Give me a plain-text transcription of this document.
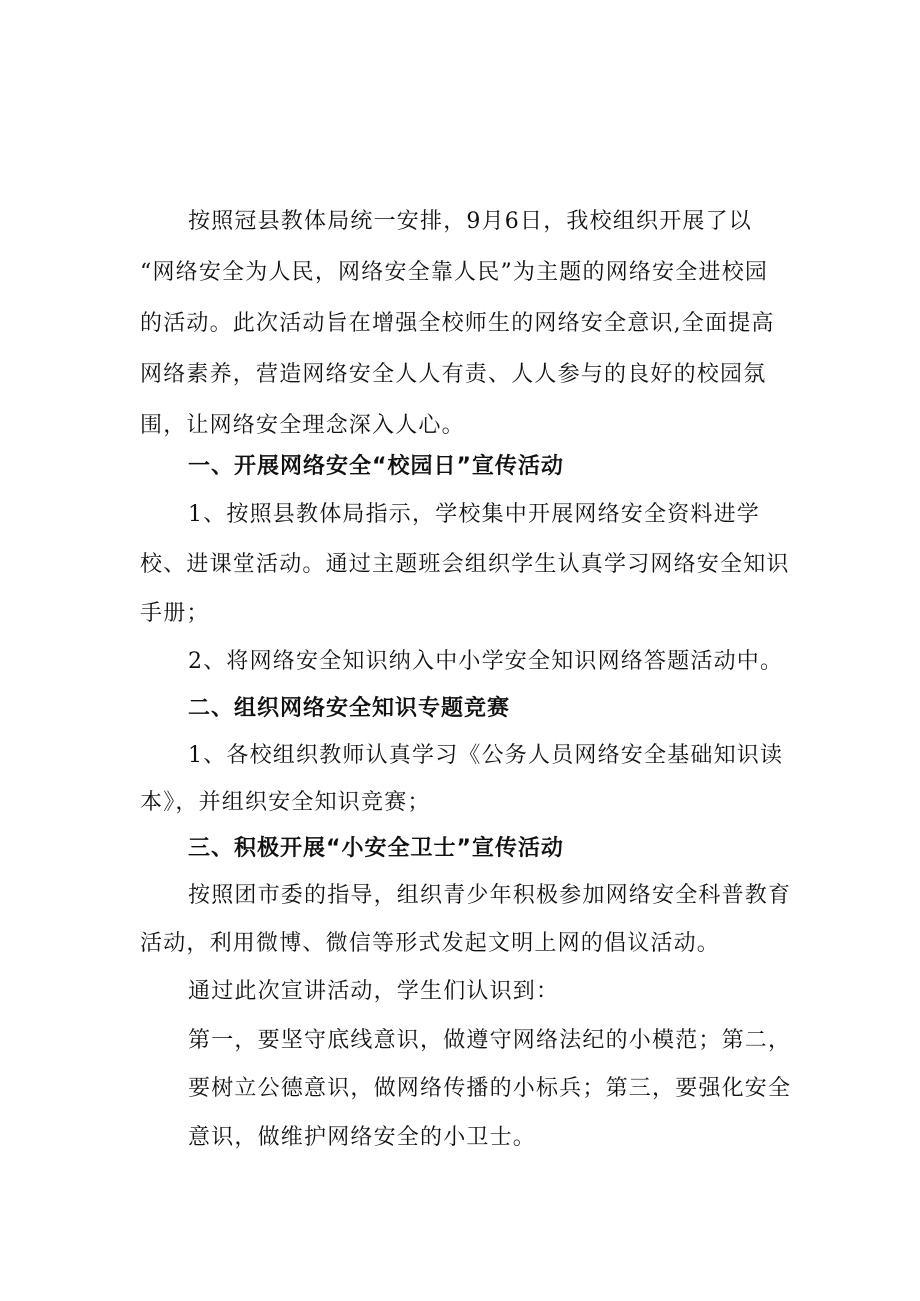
按照冠县教体局统一安排，9月6日，我校组织开展了以
“网络安全为人民，网络安全靠人民”为主题的网络安全进校园
的活动。此次活动旨在增强全校师生的网络安全意识,全面提高
网络素养，营造网络安全人人有责、人人参与的良好的校园氛
围，让网络安全理念深入人心。
一、开展网络安全“校园日”宣传活动
1、按照县教体局指示，学校集中开展网络安全资料进学
校、进课堂活动。通过主题班会组织学生认真学习网络安全知识
手册；
2、将网络安全知识纳入中小学安全知识网络答题活动中。
二、组织网络安全知识专题竞赛
1、各校组织教师认真学习《公务人员网络安全基础知识读
本》，并组织安全知识竞赛；
三、积极开展“小安全卫士”宣传活动
按照团市委的指导，组织青少年积极参加网络安全科普教育
活动，利用微博、微信等形式发起文明上网的倡议活动。
通过此次宣讲活动，学生们认识到：
第一，要坚守底线意识，做遵守网络法纪的小模范；第二，
要树立公德意识，做网络传播的小标兵；第三，要强化安全
意识，做维护网络安全的小卫士。
